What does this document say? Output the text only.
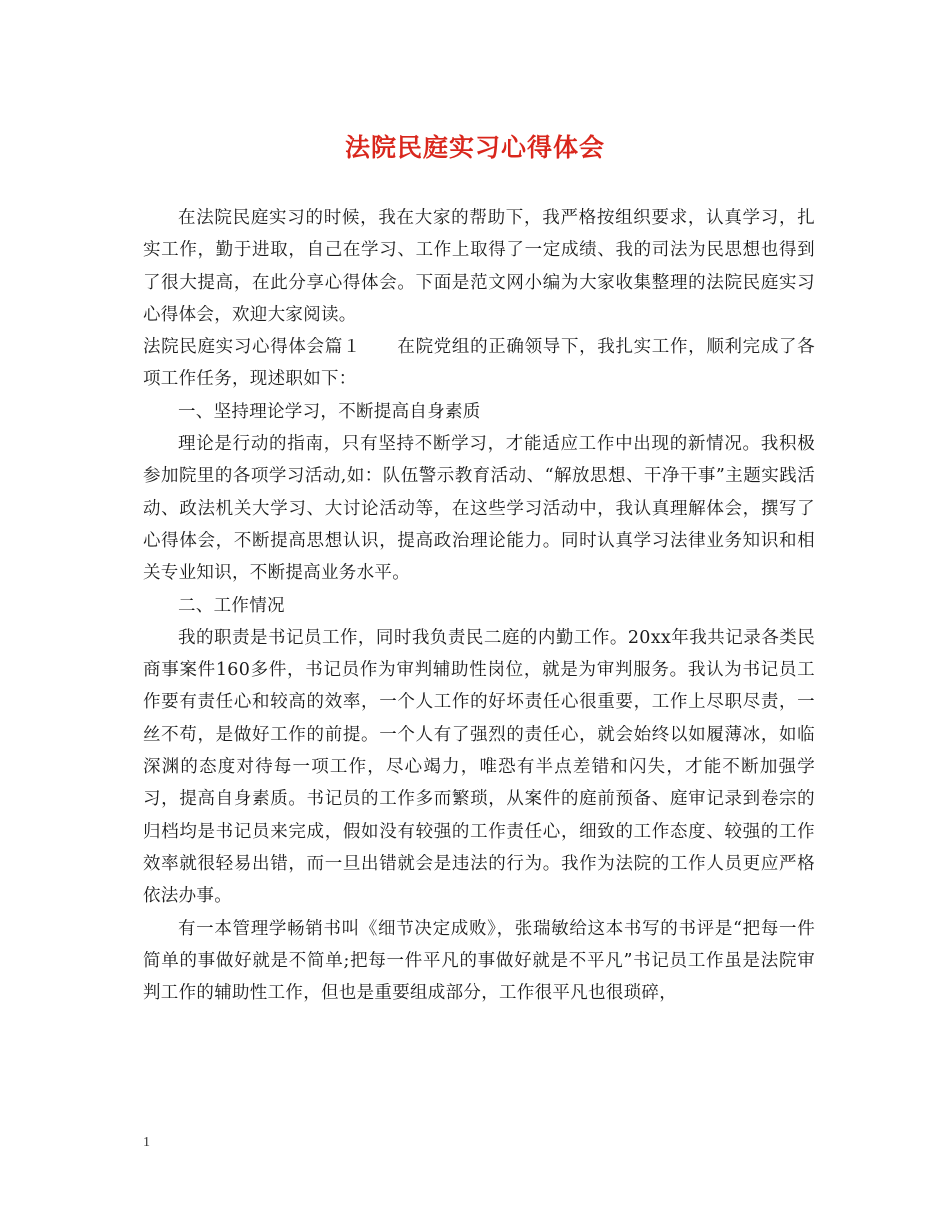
法院民庭实习心得体会

在法院民庭实习的时候，我在大家的帮助下，我严格按组织要求，认真学习，扎实工作，勤于进取，自己在学习、工作上取得了一定成绩、我的司法为民思想也得到了很大提高，在此分享心得体会。下面是范文网小编为大家收集整理的法院民庭实习心得体会，欢迎大家阅读。

法院民庭实习心得体会篇１　　在院党组的正确领导下，我扎实工作，顺利完成了各项工作任务，现述职如下：

一、坚持理论学习，不断提高自身素质

理论是行动的指南，只有坚持不断学习，才能适应工作中出现的新情况。我积极参加院里的各项学习活动,如：队伍警示教育活动、“解放思想、干净干事”主题实践活动、政法机关大学习、大讨论活动等，在这些学习活动中，我认真理解体会，撰写了心得体会，不断提高思想认识，提高政治理论能力。同时认真学习法律业务知识和相关专业知识，不断提高业务水平。

二、工作情况

我的职责是书记员工作，同时我负责民二庭的内勤工作。20xx年我共记录各类民商事案件160多件，书记员作为审判辅助性岗位，就是为审判服务。我认为书记员工作要有责任心和较高的效率，一个人工作的好坏责任心很重要，工作上尽职尽责，一丝不苟，是做好工作的前提。一个人有了强烈的责任心，就会始终以如履薄冰，如临深渊的态度对待每一项工作，尽心竭力，唯恐有半点差错和闪失，才能不断加强学习，提高自身素质。书记员的工作多而繁琐，从案件的庭前预备、庭审记录到卷宗的归档均是书记员来完成，假如没有较强的工作责任心，细致的工作态度、较强的工作效率就很轻易出错，而一旦出错就会是违法的行为。我作为法院的工作人员更应严格依法办事。

有一本管理学畅销书叫《细节决定成败》，张瑞敏给这本书写的书评是“把每一件简单的事做好就是不简单;把每一件平凡的事做好就是不平凡”书记员工作虽是法院审判工作的辅助性工作，但也是重要组成部分，工作很平凡也很琐碎，

1
